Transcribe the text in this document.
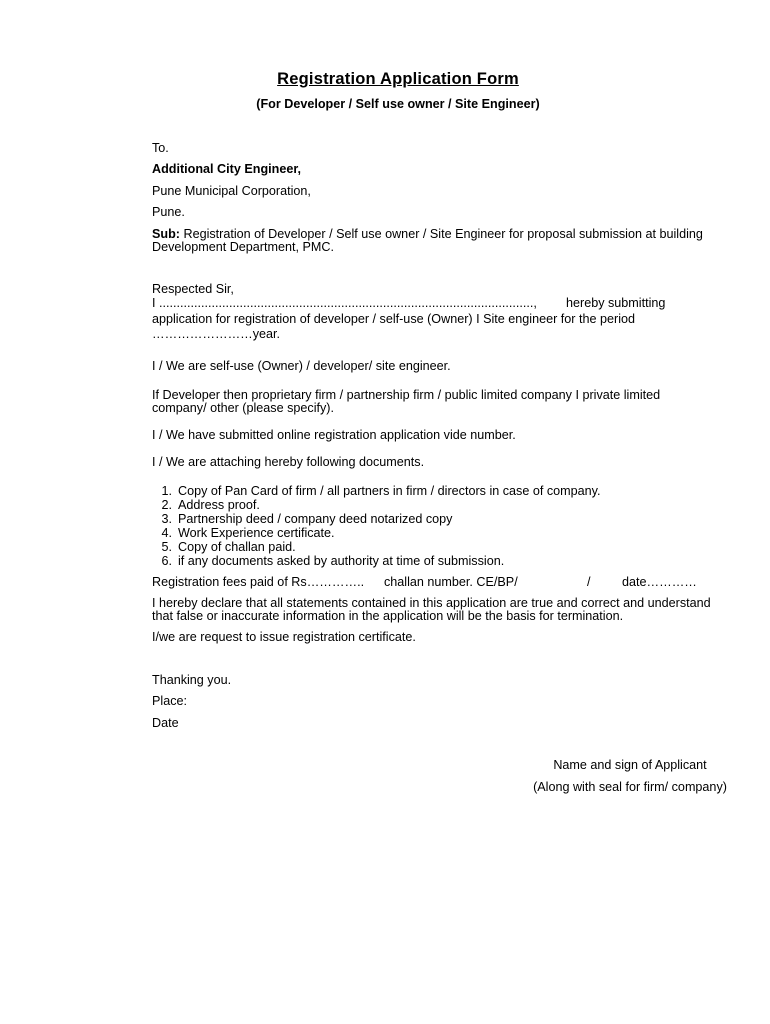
Registration Application Form
(For Developer / Self use owner / Site Engineer)
To.
Additional City Engineer,
Pune Municipal Corporation,
Pune.
Sub: Registration of Developer / Self use owner / Site Engineer for proposal submission at building
Development Department, PMC.
Respected Sir,
I ..........................................................................................................., hereby submitting
application for registration of developer / self-use (Owner) I Site engineer for the period
……………………year.
I / We are self-use (Owner) / developer/ site engineer.
If Developer then proprietary firm / partnership firm / public limited company I private limited
company/ other (please specify).
I / We have submitted online registration application vide number.
I / We are attaching hereby following documents.
1. Copy of Pan Card of firm / all partners in firm / directors in case of company.
2. Address proof.
3. Partnership deed / company deed notarized copy
4. Work Experience certificate.
5. Copy of challan paid.
6. if any documents asked by authority at time of submission.
Registration fees paid of Rs………….. challan number. CE/BP/	/	date…………
I hereby declare that all statements contained in this application are true and correct and understand
that false or inaccurate information in the application will be the basis for termination.
I/we are request to issue registration certificate.
Thanking you.
Place:
Date
Name and sign of Applicant
(Along with seal for firm/ company)
